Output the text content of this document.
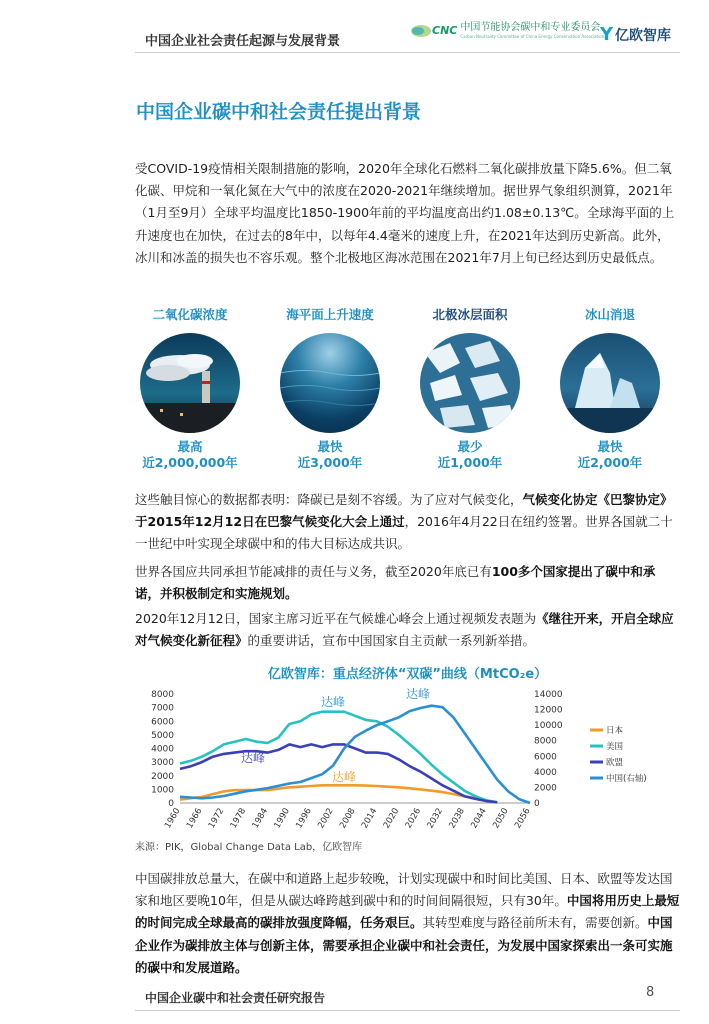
中国企业社会责任起源与发展背景
CNC 中国节能协会碳中和专业委员会
Carbon Neutrality Committee of China Energy Conservation Association
Y 亿欧智库
中国企业碳中和社会责任提出背景
受COVID-19疫情相关限制措施的影响，2020年全球化石燃料二氧化碳排放量下降5.6%。但二氧化碳、甲烷和一氧化氮在大气中的浓度在2020-2021年继续增加。据世界气象组织测算，2021年（1月至9月）全球平均温度比1850-1900年前的平均温度高出约1.08±0.13℃。全球海平面的上升速度也在加快，在过去的8年中，以每年4.4毫米的速度上升，在2021年达到历史新高。此外，冰川和冰盖的损失也不容乐观。整个北极地区海冰范围在2021年7月上旬已经达到历史最低点。
二氧化碳浓度
最高
近2,000,000年
海平面上升速度
最快
近3,000年
北极冰层面积
最少
近1,000年
冰山消退
最快
近2,000年
这些触目惊心的数据都表明：降碳已是刻不容缓。为了应对气候变化，气候变化协定《巴黎协定》于2015年12月12日在巴黎气候变化大会上通过，2016年4月22日在纽约签署。世界各国就二十一世纪中叶实现全球碳中和的伟大目标达成共识。
世界各国应共同承担节能减排的责任与义务，截至2020年底已有100多个国家提出了碳中和承诺，并积极制定和实施规划。
2020年12月12日，国家主席习近平在气候雄心峰会上通过视频发表题为《继往开来，开启全球应对气候变化新征程》的重要讲话，宣布中国国家自主贡献一系列新举措。
亿欧智库：重点经济体“双碳”曲线（MtCO₂e）
0
1000
2000
3000
4000
5000
6000
7000
8000
0
2000
4000
6000
8000
10000
12000
14000
1960 1966 1972 1978 1984 1990 1996 2002 2008 2014 2020 2026 2032 2038 2044 2050 2056
日本
美国
欧盟
中国(右轴)
达峰
达峰
达峰
达峰
来源：PIK，Global Change Data Lab，亿欧智库
中国碳排放总量大，在碳中和道路上起步较晚，计划实现碳中和时间比美国、日本、欧盟等发达国家和地区要晚10年，但是从碳达峰跨越到碳中和的时间间隔很短，只有30年。中国将用历史上最短的时间完成全球最高的碳排放强度降幅，任务艰巨。其转型难度与路径前所未有，需要创新。中国企业作为碳排放主体与创新主体，需要承担企业碳中和社会责任，为发展中国家探索出一条可实施的碳中和发展道路。
中国企业碳中和社会责任研究报告	8
